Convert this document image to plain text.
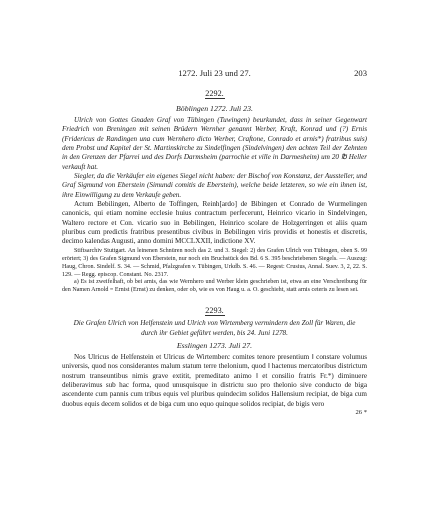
1272. Juli 23 und 27.	203
2292.
Böblingen 1272. Juli 23.

Ulrich von Gottes Gnaden Graf von Tübingen (Tuwingen) beurkundet, dass in seiner Gegenwart Friedrich von Breningen mit seinen Brüdern Wernher genannt Werber, Kraft, Konrad und (?) Ernis (Fridericus de Randingen una cum Wernhero dicto Werber, Craftone, Conrado et arnis*) fratribus suis) dem Probst und Kapitel der St. Martinskirche zu Sindelfingen (Sindelvingen) den achten Teil der Zehnten in den Grenzen der Pfarrei und des Dorfs Darmsheim (parrochie et ville in Darmesheim) um 20 ℔ Heller verkauft hat.

Siegler, da die Verkäufer ein eigenes Siegel nicht haben: der Bischof von Konstanz, der Aussteller, und Graf Sigmund von Eberstein (Simundi comitis de Eberstein), welche beide letzteren, so wie ein ihnen ist, ihre Einwilligung zu dem Verkaufe geben.

Actum Bebilingen, Alberto de Toffingen, Reinh[ardo] de Bibingen et Conrado de Wurmelingen canonicis, qui etiam nomine ecclesie huius contractum perfecerunt, Heinrico vicario in Sindelvingen, Waltero rectore et Con. vicario suo in Bebilingen, Heinrico scolare de Holzgerringen et aliis quam pluribus cum predictis fratribus presentibus civibus in Bebilingen viris providis et honestis et discretis, decimo kalendas Augusti, anno domini MCCLXXII, indictione XV.

Stiftsarchiv Stuttgart. An leinenen Schnüren noch das 2. und 3. Siegel: 2) des Grafen Ulrich von Tübingen, oben S. 99 erörtert; 3) des Grafen Sigmund von Eberstein, nur noch ein Bruchstück des Bd. 6 S. 395 beschriebenen Siegels. — Auszug: Haug, Chron. Sindelf. S. 34. — Schmid, Pfalzgrafen v. Tübingen, Urkdb. S. 46. — Regest: Crusius, Annal. Suev. 3, 2, 22. S. 129. — Regg. episcop. Constant. No. 2317.

a) Es ist zweifelhaft, ob bei arnis, das wie Wernhero und Werber klein geschrieben ist, etwa an eine Verschreibung für den Namen Arnold = Ernist (Ernst) zu denken, oder ob, wie es von Haug u. a. O. geschieht, statt arnis ceteris zu lesen sei.

2293.

Die Grafen Ulrich von Helfenstein und Ulrich von Wirtemberg vermindern den Zoll für Waren, die durch ihr Gebiet geführt werden, bis 24. Juni 1278.

Esslingen 1273. Juli 27.

Nos Ulricus de Helfenstein et Ulricus de Wirtemberc comites tenore presentium ‖ constare volumus universis, quod nos considerantes malum statum terre thelonium, quod ‖ hactenus mercatoribus districtum nostrum transeuntibus nimis grave extitit, premeditato animo ‖ et consilio fratris Fr.*) diminuere deliberavimus sub hac forma, quod unusquisque in districtu suo pro thelonio sive conducto de biga ascendente cum pannis cum tribus equis vel pluribus quindecim solidos Hallensium recipiat, de biga cum duobus equis decem solidos et de biga cum uno equo quinque solidos recipiat, de bigis vero

26 *
